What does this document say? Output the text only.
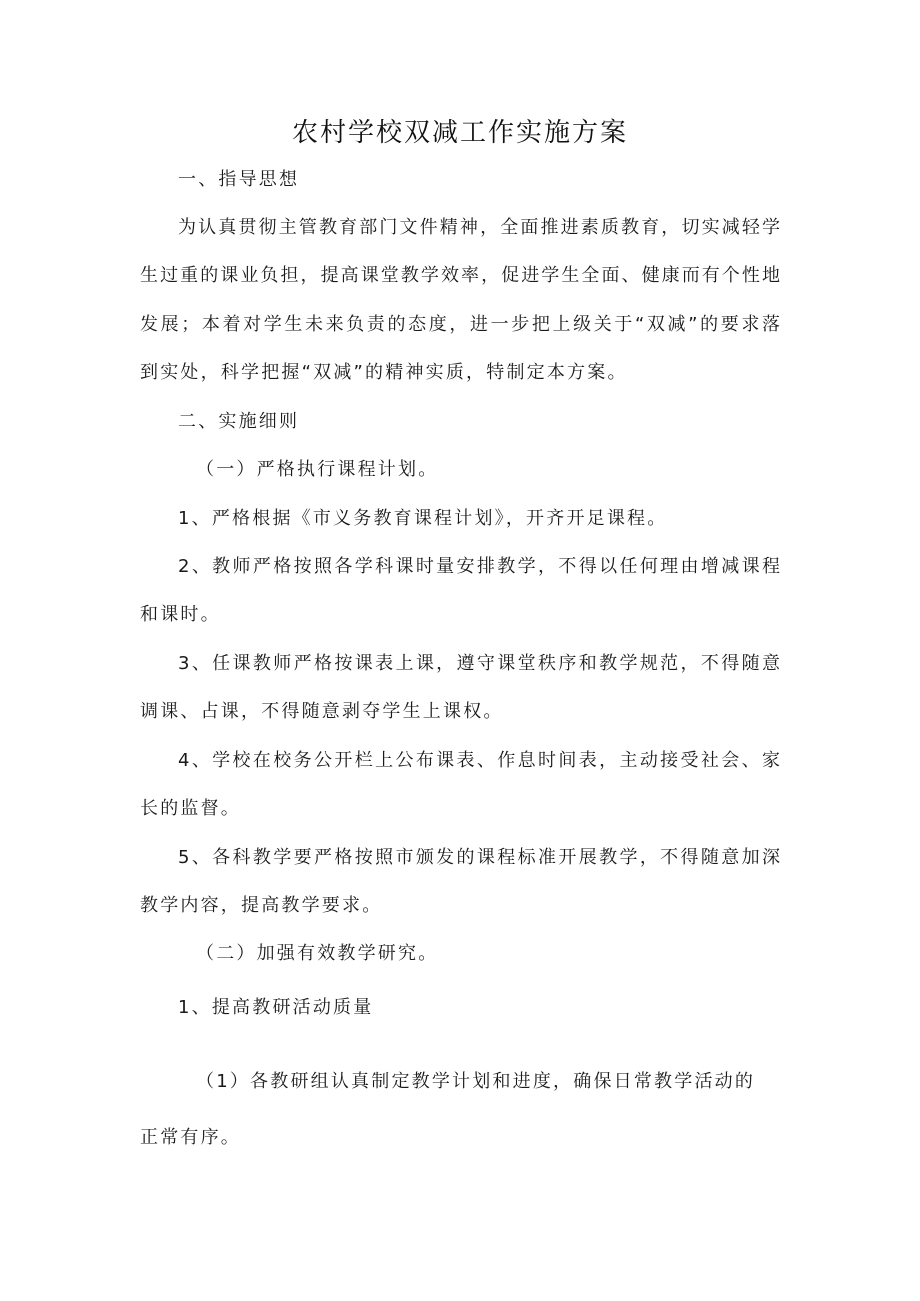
农村学校双减工作实施方案
一、指导思想
为认真贯彻主管教育部门文件精神，全面推进素质教育，切实减轻学
生过重的课业负担，提高课堂教学效率，促进学生全面、健康而有个性地
发展；本着对学生未来负责的态度，进一步把上级关于“双减”的要求落
到实处，科学把握“双减”的精神实质，特制定本方案。
二、实施细则
（一）严格执行课程计划。
1、严格根据《市义务教育课程计划》，开齐开足课程。
2、教师严格按照各学科课时量安排教学，不得以任何理由增减课程
和课时。
3、任课教师严格按课表上课，遵守课堂秩序和教学规范，不得随意
调课、占课，不得随意剥夺学生上课权。
4、学校在校务公开栏上公布课表、作息时间表，主动接受社会、家
长的监督。
5、各科教学要严格按照市颁发的课程标准开展教学，不得随意加深
教学内容，提高教学要求。
（二）加强有效教学研究。
1、提高教研活动质量
（1）各教研组认真制定教学计划和进度，确保日常教学活动的
正常有序。
